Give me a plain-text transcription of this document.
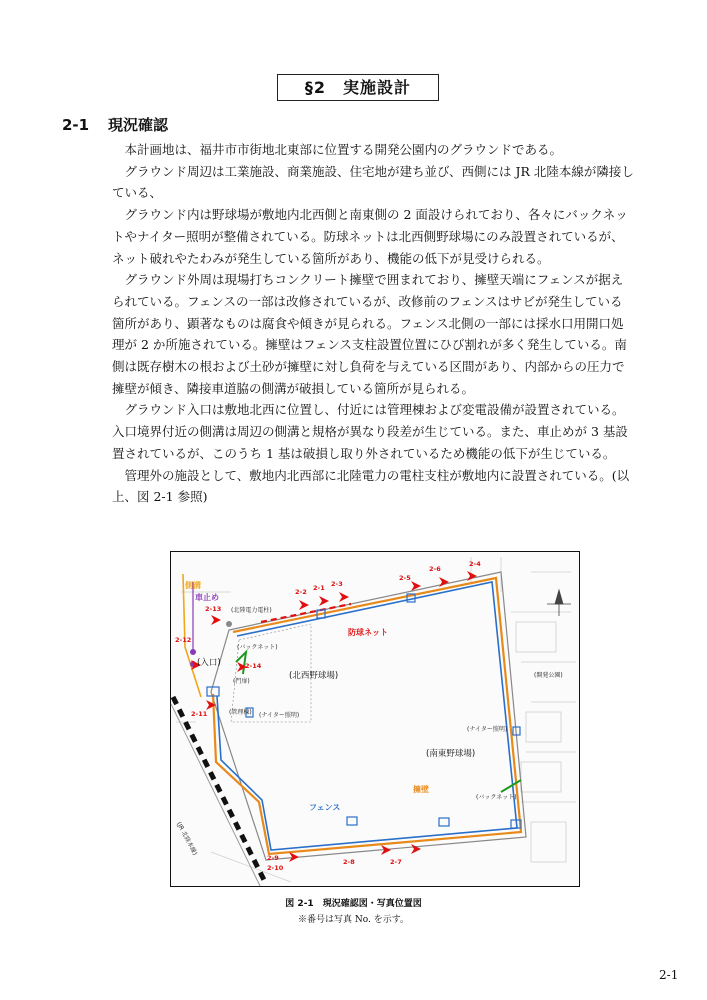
§2　実施設計
2-1 現況確認

本計画地は、福井市市街地北東部に位置する開発公園内のグラウンドである。

グラウンド周辺は工業施設、商業施設、住宅地が建ち並び、西側には JR 北陸本線が隣接している、

グラウンド内は野球場が敷地内北西側と南東側の 2 面設けられており、各々にバックネットやナイター照明が整備されている。防球ネットは北西側野球場にのみ設置されているが、ネット破れやたわみが発生している箇所があり、機能の低下が見受けられる。

グラウンド外周は現場打ちコンクリート擁壁で囲まれており、擁壁天端にフェンスが据えられている。フェンスの一部は改修されているが、改修前のフェンスはサビが発生している箇所があり、顕著なものは腐食や傾きが見られる。フェンス北側の一部には採水口用開口処理が 2 か所施されている。擁壁はフェンス支柱設置位置にひび割れが多く発生している。南側は既存樹木の根および土砂が擁壁に対し負荷を与えている区間があり、内部からの圧力で擁壁が傾き、隣接車道脇の側溝が破損している箇所が見られる。

グラウンド入口は敷地北西に位置し、付近には管理棟および変電設備が設置されている。入口境界付近の側溝は周辺の側溝と規格が異なり段差が生じている。また、車止めが 3 基設置されているが、このうち 1 基は破損し取り外されているため機能の低下が生じている。

管理外の施設として、敷地内北西部に北陸電力の電柱支柱が敷地内に設置されている。(以上、図 2-1 参照)

側溝
車止め
防球ネット
フェンス
擁壁
(北西野球場)
(南東野球場)
(入口)
(管理棟)
(北陸電力電柱)
(バックネット)
(バックネット)
(門扉)
(ナイター照明)
(ナイター照明)
(開発公園)
(JR 北陸本線)
2-1
2-2
2-3
2-4
2-5
2-6
2-7
2-8
2-9
2-10
2-11
2-12
2-13
2-14
図 2-1　現況確認図・写真位置図
※番号は写真 No. を示す。
2-1
